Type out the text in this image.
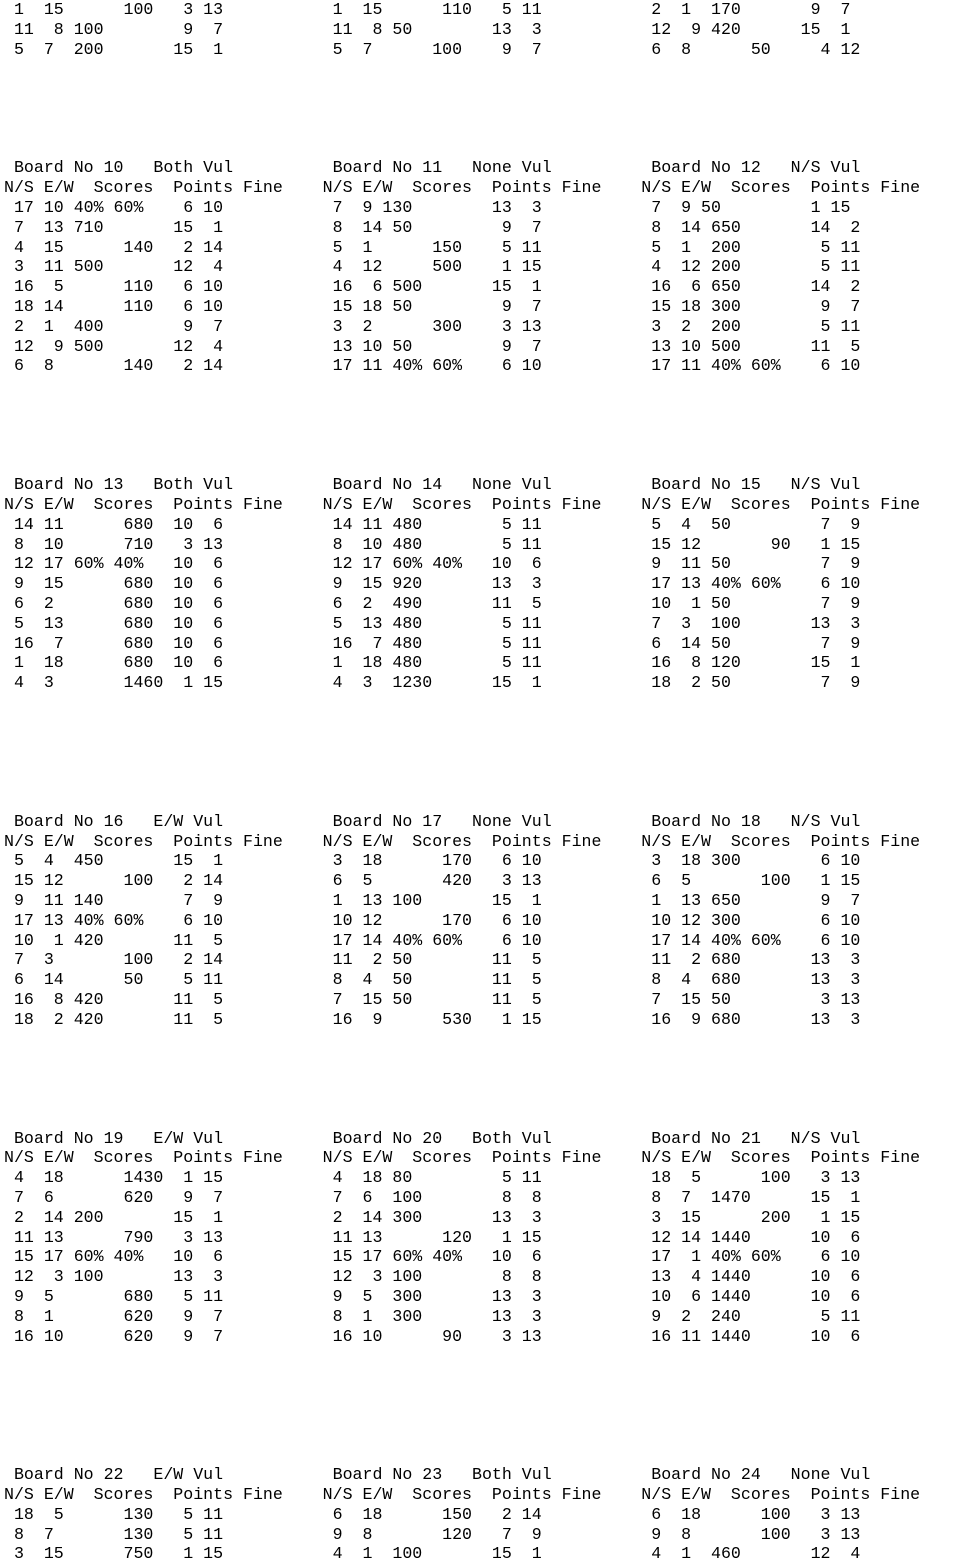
1  15      100   3 13           1  15      110   5 11           2  1  170       9  7
11  8 100        9  7           11  8 50        13  3           12  9 420      15  1
5  7  200       15  1           5  7      100    9  7           6  8      50     4 12
Board No 10   Both Vul          Board No 11   None Vul          Board No 12   N/S Vul
N/S E/W  Scores  Points Fine    N/S E/W  Scores  Points Fine    N/S E/W  Scores  Points Fine
17 10 40% 60%    6 10           7  9 130        13  3           7  9 50         1 15
7  13 710       15  1           8  14 50         9  7           8  14 650       14  2
4  15      140   2 14           5  1      150    5 11           5  1  200        5 11
3  11 500       12  4           4  12     500    1 15           4  12 200        5 11
16  5      110   6 10           16  6 500       15  1           16  6 650       14  2
18 14      110   6 10           15 18 50         9  7           15 18 300        9  7
2  1  400        9  7           3  2      300    3 13           3  2  200        5 11
12  9 500       12  4           13 10 50         9  7           13 10 500       11  5
6  8       140   2 14           17 11 40% 60%    6 10           17 11 40% 60%    6 10
Board No 13   Both Vul          Board No 14   None Vul          Board No 15   N/S Vul
N/S E/W  Scores  Points Fine    N/S E/W  Scores  Points Fine    N/S E/W  Scores  Points Fine
14 11      680  10  6           14 11 480        5 11           5  4  50         7  9
8  10      710   3 13           8  10 480        5 11           15 12       90   1 15
12 17 60% 40%   10  6           12 17 60% 40%   10  6           9  11 50         7  9
9  15      680  10  6           9  15 920       13  3           17 13 40% 60%    6 10
6  2       680  10  6           6  2  490       11  5           10  1 50         7  9
5  13      680  10  6           5  13 480        5 11           7  3  100       13  3
16  7      680  10  6           16  7 480        5 11           6  14 50         7  9
1  18      680  10  6           1  18 480        5 11           16  8 120       15  1
4  3       1460  1 15           4  3  1230      15  1           18  2 50         7  9
Board No 16   E/W Vul           Board No 17   None Vul          Board No 18   N/S Vul
N/S E/W  Scores  Points Fine    N/S E/W  Scores  Points Fine    N/S E/W  Scores  Points Fine
5  4  450       15  1           3  18      170   6 10           3  18 300        6 10
15 12      100   2 14           6  5       420   3 13           6  5       100   1 15
9  11 140        7  9           1  13 100       15  1           1  13 650        9  7
17 13 40% 60%    6 10           10 12      170   6 10           10 12 300        6 10
10  1 420       11  5           17 14 40% 60%    6 10           17 14 40% 60%    6 10
7  3       100   2 14           11  2 50        11  5           11  2 680       13  3
6  14      50    5 11           8  4  50        11  5           8  4  680       13  3
16  8 420       11  5           7  15 50        11  5           7  15 50         3 13
18  2 420       11  5           16  9      530   1 15           16  9 680       13  3
Board No 19   E/W Vul           Board No 20   Both Vul          Board No 21   N/S Vul
N/S E/W  Scores  Points Fine    N/S E/W  Scores  Points Fine    N/S E/W  Scores  Points Fine
4  18      1430  1 15           4  18 80         5 11           18  5      100   3 13
7  6       620   9  7           7  6  100        8  8           8  7  1470      15  1
2  14 200       15  1           2  14 300       13  3           3  15      200   1 15
11 13      790   3 13           11 13      120   1 15           12 14 1440      10  6
15 17 60% 40%   10  6           15 17 60% 40%   10  6           17  1 40% 60%    6 10
12  3 100       13  3           12  3 100        8  8           13  4 1440      10  6
9  5       680   5 11           9  5  300       13  3           10  6 1440      10  6
8  1       620   9  7           8  1  300       13  3           9  2  240        5 11
16 10      620   9  7           16 10      90    3 13           16 11 1440      10  6
Board No 22   E/W Vul           Board No 23   Both Vul          Board No 24   None Vul
N/S E/W  Scores  Points Fine    N/S E/W  Scores  Points Fine    N/S E/W  Scores  Points Fine
18  5      130   5 11           6  18      150   2 14           6  18      100   3 13
8  7       130   5 11           9  8       120   7  9           9  8       100   3 13
3  15      750   1 15           4  1  100       15  1           4  1  460       12  4
